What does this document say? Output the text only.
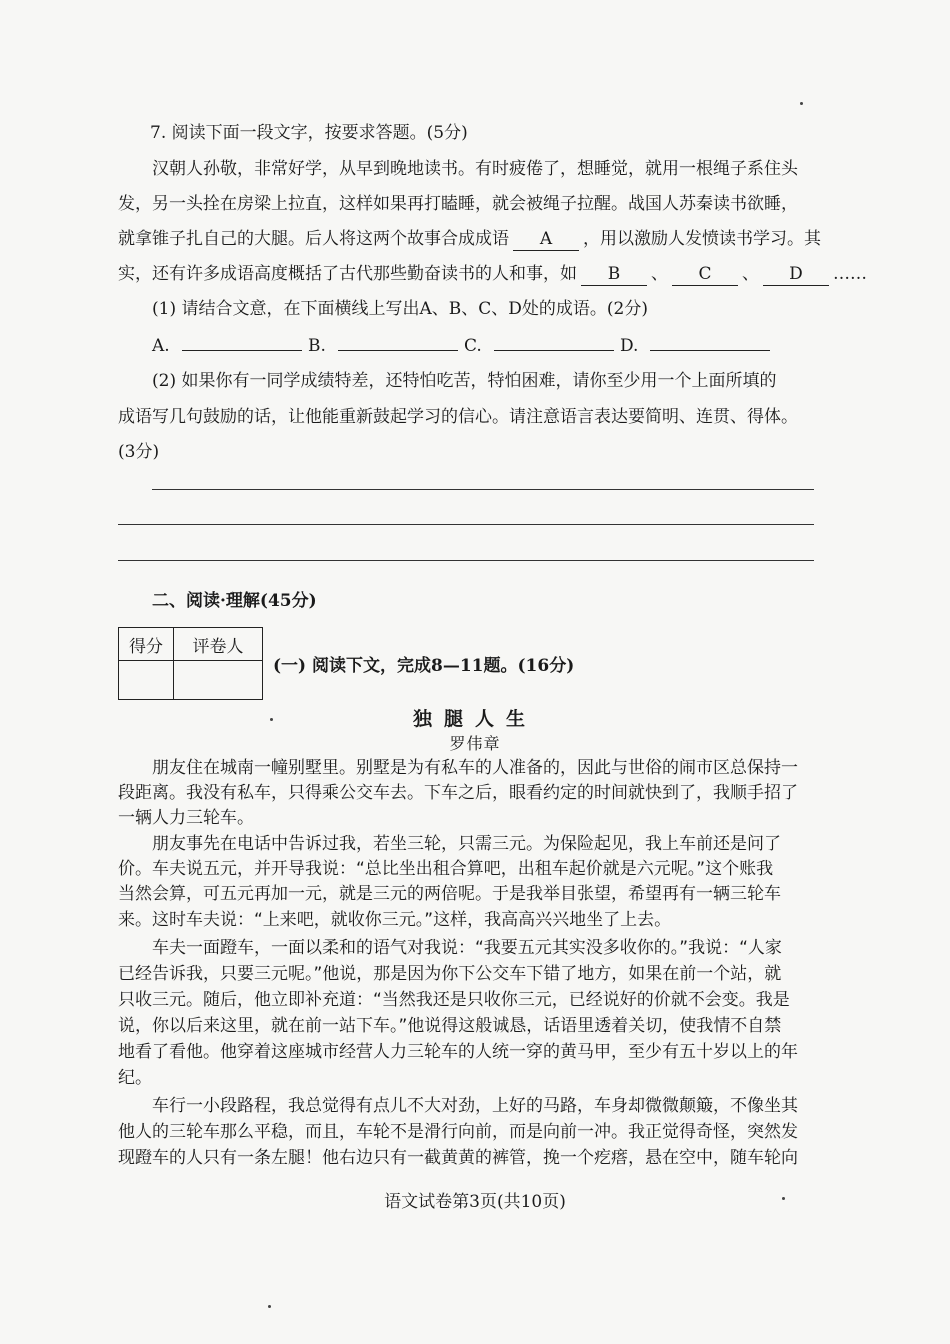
7. 阅读下面一段文字，按要求答题。(5分)
汉朝人孙敬，非常好学，从早到晚地读书。有时疲倦了，想睡觉，就用一根绳子系住头
发，另一头拴在房梁上拉直，这样如果再打瞌睡，就会被绳子拉醒。战国人苏秦读书欲睡，
就拿锥子扎自己的大腿。后人将这两个故事合成成语 A ，用以激励人发愤读书学习。其
实，还有许多成语高度概括了古代那些勤奋读书的人和事，如 B 、 C 、 D ……
(1) 请结合文意，在下面横线上写出A、B、C、D处的成语。(2分)
A.	B.	C.	D.
(2) 如果你有一同学成绩特差，还特怕吃苦，特怕困难，请你至少用一个上面所填的
成语写几句鼓励的话，让他能重新鼓起学习的信心。请注意语言表达要简明、连贯、得体。
(3分)
二、阅读·理解(45分)
得分	评卷人

(一) 阅读下文，完成8—11题。(16分)
独腿人生
罗伟章
朋友住在城南一幢别墅里。别墅是为有私车的人准备的，因此与世俗的闹市区总保持一
段距离。我没有私车，只得乘公交车去。下车之后，眼看约定的时间就快到了，我顺手招了
一辆人力三轮车。
朋友事先在电话中告诉过我，若坐三轮，只需三元。为保险起见，我上车前还是问了
价。车夫说五元，并开导我说：“总比坐出租合算吧，出租车起价就是六元呢。”这个账我
当然会算，可五元再加一元，就是三元的两倍呢。于是我举目张望，希望再有一辆三轮车
来。这时车夫说：“上来吧，就收你三元。”这样，我高高兴兴地坐了上去。
车夫一面蹬车，一面以柔和的语气对我说：“我要五元其实没多收你的。”我说：“人家
已经告诉我，只要三元呢。”他说，那是因为你下公交车下错了地方，如果在前一个站，就
只收三元。随后，他立即补充道：“当然我还是只收你三元，已经说好的价就不会变。我是
说，你以后来这里，就在前一站下车。”他说得这般诚恳，话语里透着关切，使我情不自禁
地看了看他。他穿着这座城市经营人力三轮车的人统一穿的黄马甲，至少有五十岁以上的年
纪。
车行一小段路程，我总觉得有点儿不大对劲，上好的马路，车身却微微颠簸，不像坐其
他人的三轮车那么平稳，而且，车轮不是滑行向前，而是向前一冲。我正觉得奇怪，突然发
现蹬车的人只有一条左腿！他右边只有一截黄黄的裤管，挽一个疙瘩，悬在空中，随车轮向
语文试卷第3页(共10页)
